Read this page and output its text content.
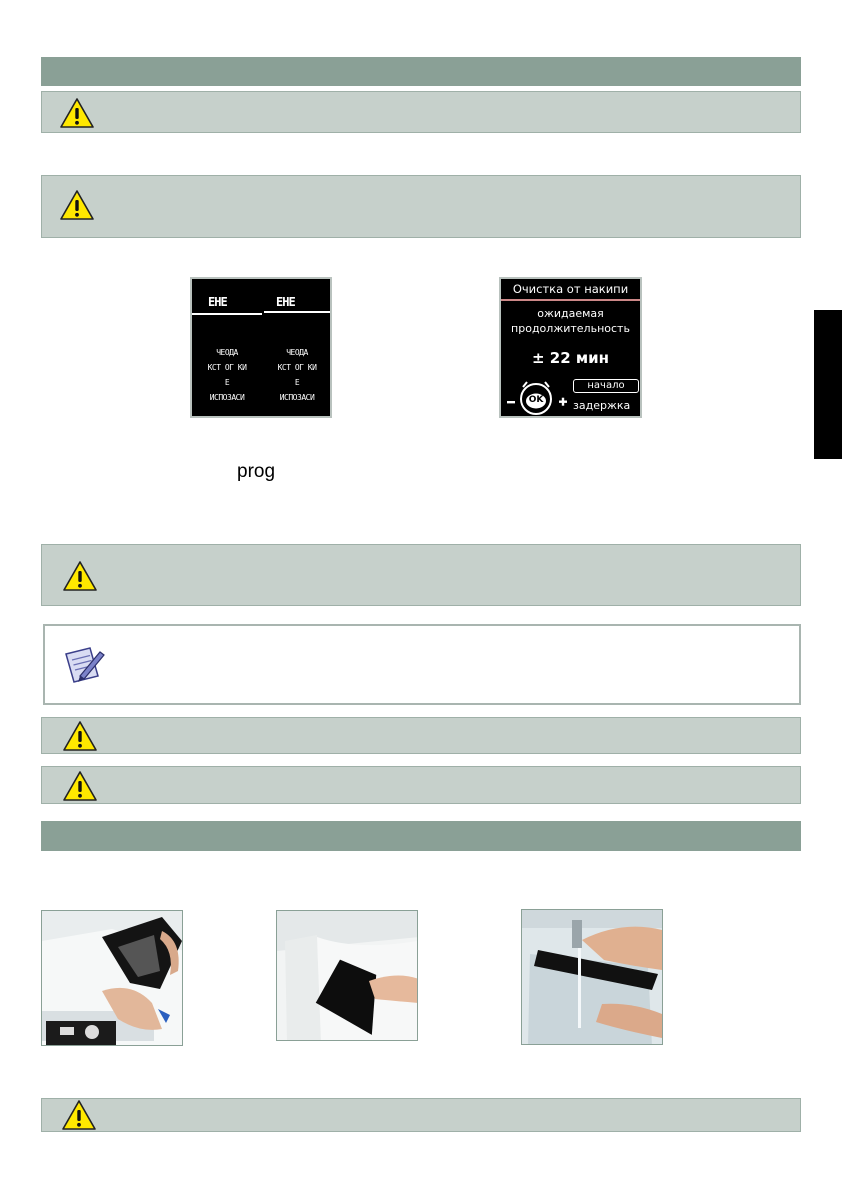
ЕНЕ	ЕНЕ
ЧЕОДА
КСТ ОГ КИ
Е
ИСПОЗАСИ
ЧЕОДА
КСТ ОГ КИ
Е
ИСПОЗАСИ
Очистка от накипи
ожидаемая
продолжительность
± 22 мин
OK
начало
задержка
prog
